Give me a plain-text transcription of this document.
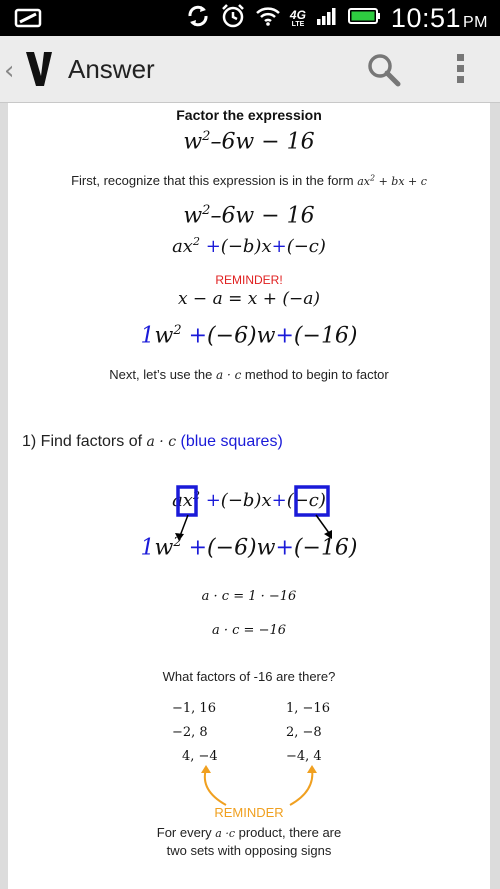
4G
LTE	10:51 PM
‹ Answer
Factor the expression
$w^2-6w - 16$
First, recognize that this expression is in the form $ax^2$ + bx + c
$w^2-6w - 16$
$ax^2 +(-b)x+(-c)$
REMINDER!
x − a = x + (−a)
$1w^2 +(-6)w+(-16)$
Next, let’s use the a · c method to begin to factor
1) Find factors of a · c (blue squares)
$ax^2 +(-b)x+(-c)$
$1w^2 +(-6)w+(-16)$
a · c = 1 · −16
a · c = −16
What factors of -16 are there?
−1, 16
−2, 8
4, −4
1, −16
2, −8
−4, 4
REMINDER
For every a ·c product, there are
two sets with opposing signs
